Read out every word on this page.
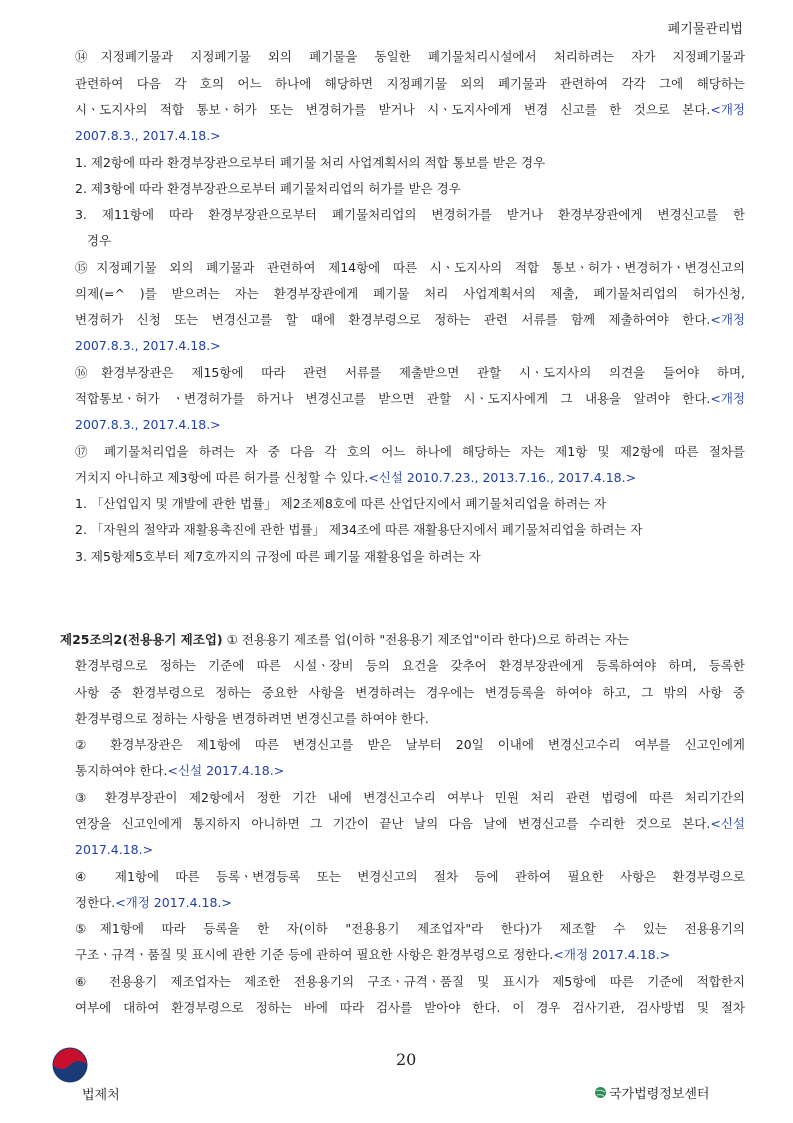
폐기물관리법
⑭지정폐기물과 지정폐기물 외의 폐기물을 동일한 폐기물처리시설에서 처리하려는 자가 지정폐기물과
관련하여 다음 각 호의 어느 하나에 해당하면 지정폐기물 외의 폐기물과 관련하여 각각 그에 해당하는
시ㆍ도지사의 적합 통보ㆍ허가 또는 변경허가를 받거나 시ㆍ도지사에게 변경 신고를 한 것으로 본다.<개정
2007.8.3., 2017.4.18.>
1. 제2항에 따라 환경부장관으로부터 폐기물 처리 사업계획서의 적합 통보를 받은 경우
2. 제3항에 따라 환경부장관으로부터 폐기물처리업의 허가를 받은 경우
3. 제11항에 따라 환경부장관으로부터 폐기물처리업의 변경허가를 받거나 환경부장관에게 변경신고를 한
경우
⑮지정폐기물 외의 폐기물과 관련하여 제14항에 따른 시ㆍ도지사의 적합 통보ㆍ허가ㆍ변경허가ㆍ변경신고의
의제(=^ )를 받으려는 자는 환경부장관에게 폐기물 처리 사업계획서의 제출, 폐기물처리업의 허가신청,
변경허가 신청 또는 변경신고를 할 때에 환경부령으로 정하는 관련 서류를 함께 제출하여야 한다.<개정
2007.8.3., 2017.4.18.>
⑯환경부장관은 제15항에 따라 관련 서류를 제출받으면 관할 시ㆍ도지사의 의견을 들어야 하며,
적합통보ㆍ허가 ㆍ변경허가를 하거나 변경신고를 받으면 관할 시ㆍ도지사에게 그 내용을 알려야 한다.<개정
2007.8.3., 2017.4.18.>
⑰ 폐기물처리업을 하려는 자 중 다음 각 호의 어느 하나에 해당하는 자는 제1항 및 제2항에 따른 절차를
거치지 아니하고 제3항에 따른 허가를 신청할 수 있다.<신설 2010.7.23., 2013.7.16., 2017.4.18.>
1. 「산업입지 및 개발에 관한 법률」 제2조제8호에 따른 산업단지에서 폐기물처리업을 하려는 자
2. 「자원의 절약과 재활용촉진에 관한 법률」 제34조에 따른 재활용단지에서 폐기물처리업을 하려는 자
3. 제5항제5호부터 제7호까지의 규정에 따른 폐기물 재활용업을 하려는 자
제25조의2(전용용기 제조업) ① 전용용기 제조를 업(이하 "전용용기 제조업"이라 한다)으로 하려는 자는
환경부령으로 정하는 기준에 따른 시설ㆍ장비 등의 요건을 갖추어 환경부장관에게 등록하여야 하며, 등록한
사항 중 환경부령으로 정하는 중요한 사항을 변경하려는 경우에는 변경등록을 하여야 하고, 그 밖의 사항 중
환경부령으로 정하는 사항을 변경하려면 변경신고를 하여야 한다.
② 환경부장관은 제1항에 따른 변경신고를 받은 날부터 20일 이내에 변경신고수리 여부를 신고인에게
통지하여야 한다.<신설 2017.4.18.>
③ 환경부장관이 제2항에서 정한 기간 내에 변경신고수리 여부나 민원 처리 관련 법령에 따른 처리기간의
연장을 신고인에게 통지하지 아니하면 그 기간이 끝난 날의 다음 날에 변경신고를 수리한 것으로 본다.<신설
2017.4.18.>
④ 제1항에 따른 등록ㆍ변경등록 또는 변경신고의 절차 등에 관하여 필요한 사항은 환경부령으로
정한다.<개정 2017.4.18.>
⑤제1항에 따라 등록을 한 자(이하 "전용용기 제조업자"라 한다)가 제조할 수 있는 전용용기의
구조ㆍ규격ㆍ품질 및 표시에 관한 기준 등에 관하여 필요한 사항은 환경부령으로 정한다.<개정 2017.4.18.>
⑥ 전용용기 제조업자는 제조한 전용용기의 구조ㆍ규격ㆍ품질 및 표시가 제5항에 따른 기준에 적합한지
여부에 대하여 환경부령으로 정하는 바에 따라 검사를 받아야 한다. 이 경우 검사기관, 검사방법 및 절차
법제처
20
국가법령정보센터
